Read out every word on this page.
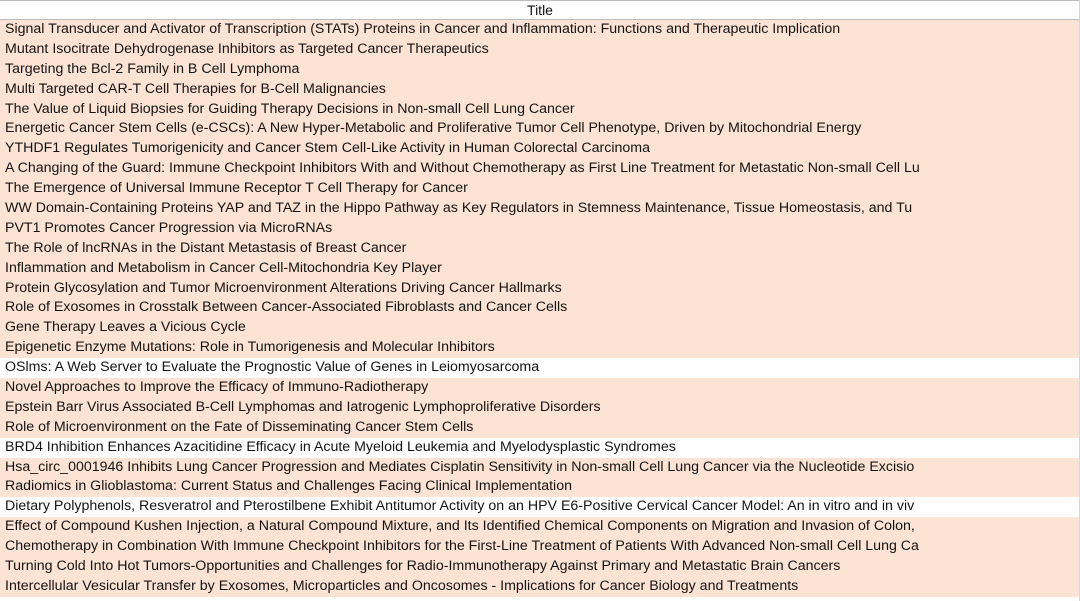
Title
Signal Transducer and Activator of Transcription (STATs) Proteins in Cancer and Inflammation: Functions and Therapeutic Implication
Mutant Isocitrate Dehydrogenase Inhibitors as Targeted Cancer Therapeutics
Targeting the Bcl-2 Family in B Cell Lymphoma
Multi Targeted CAR-T Cell Therapies for B-Cell Malignancies
The Value of Liquid Biopsies for Guiding Therapy Decisions in Non-small Cell Lung Cancer
Energetic Cancer Stem Cells (e-CSCs): A New Hyper-Metabolic and Proliferative Tumor Cell Phenotype, Driven by Mitochondrial Energy
YTHDF1 Regulates Tumorigenicity and Cancer Stem Cell-Like Activity in Human Colorectal Carcinoma
A Changing of the Guard: Immune Checkpoint Inhibitors With and Without Chemotherapy as First Line Treatment for Metastatic Non-small Cell Lu
The Emergence of Universal Immune Receptor T Cell Therapy for Cancer
WW Domain-Containing Proteins YAP and TAZ in the Hippo Pathway as Key Regulators in Stemness Maintenance, Tissue Homeostasis, and Tu
PVT1 Promotes Cancer Progression via MicroRNAs
The Role of lncRNAs in the Distant Metastasis of Breast Cancer
Inflammation and Metabolism in Cancer Cell-Mitochondria Key Player
Protein Glycosylation and Tumor Microenvironment Alterations Driving Cancer Hallmarks
Role of Exosomes in Crosstalk Between Cancer-Associated Fibroblasts and Cancer Cells
Gene Therapy Leaves a Vicious Cycle
Epigenetic Enzyme Mutations: Role in Tumorigenesis and Molecular Inhibitors
OSlms: A Web Server to Evaluate the Prognostic Value of Genes in Leiomyosarcoma
Novel Approaches to Improve the Efficacy of Immuno-Radiotherapy
Epstein Barr Virus Associated B-Cell Lymphomas and Iatrogenic Lymphoproliferative Disorders
Role of Microenvironment on the Fate of Disseminating Cancer Stem Cells
BRD4 Inhibition Enhances Azacitidine Efficacy in Acute Myeloid Leukemia and Myelodysplastic Syndromes
Hsa_circ_0001946 Inhibits Lung Cancer Progression and Mediates Cisplatin Sensitivity in Non-small Cell Lung Cancer via the Nucleotide Excisio
Radiomics in Glioblastoma: Current Status and Challenges Facing Clinical Implementation
Dietary Polyphenols, Resveratrol and Pterostilbene Exhibit Antitumor Activity on an HPV E6-Positive Cervical Cancer Model: An in vitro and in viv
Effect of Compound Kushen Injection, a Natural Compound Mixture, and Its Identified Chemical Components on Migration and Invasion of Colon,
Chemotherapy in Combination With Immune Checkpoint Inhibitors for the First-Line Treatment of Patients With Advanced Non-small Cell Lung Ca
Turning Cold Into Hot Tumors-Opportunities and Challenges for Radio-Immunotherapy Against Primary and Metastatic Brain Cancers
Intercellular Vesicular Transfer by Exosomes, Microparticles and Oncosomes - Implications for Cancer Biology and Treatments
